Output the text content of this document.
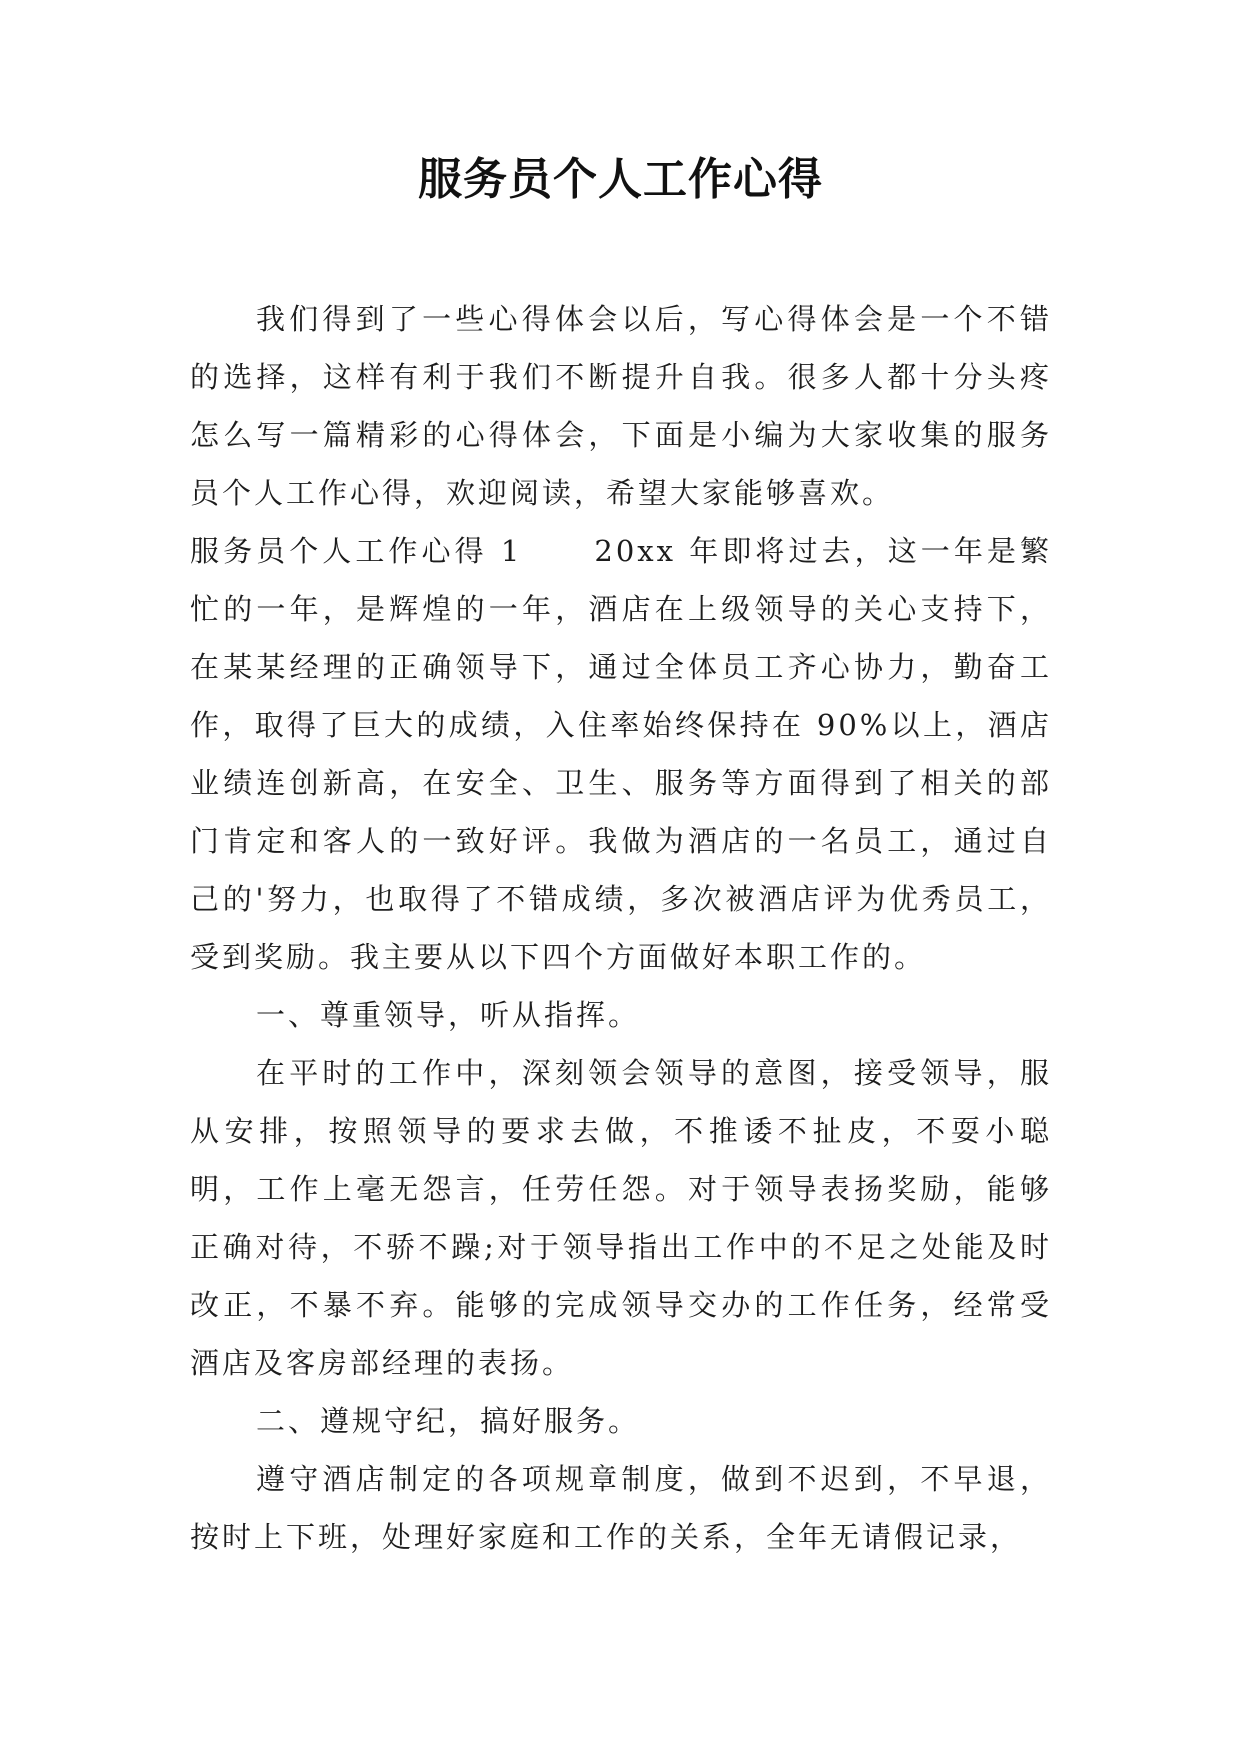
服务员个人工作心得

我们得到了一些心得体会以后，写心得体会是一个不错的选择，这样有利于我们不断提升自我。很多人都十分头疼怎么写一篇精彩的心得体会，下面是小编为大家收集的服务员个人工作心得，欢迎阅读，希望大家能够喜欢。

服务员个人工作心得 1 20xx 年即将过去，这一年是繁忙的一年，是辉煌的一年，酒店在上级领导的关心支持下，在某某经理的正确领导下，通过全体员工齐心协力，勤奋工作，取得了巨大的成绩，入住率始终保持在 90%以上，酒店业绩连创新高，在安全、卫生、服务等方面得到了相关的部门肯定和客人的一致好评。我做为酒店的一名员工，通过自己的'努力，也取得了不错成绩，多次被酒店评为优秀员工，受到奖励。我主要从以下四个方面做好本职工作的。

一、尊重领导，听从指挥。

在平时的工作中，深刻领会领导的意图，接受领导，服从安排，按照领导的要求去做，不推诿不扯皮，不耍小聪明，工作上毫无怨言，任劳任怨。对于领导表扬奖励，能够正确对待，不骄不躁;对于领导指出工作中的不足之处能及时改正，不暴不弃。能够的完成领导交办的工作任务，经常受酒店及客房部经理的表扬。

二、遵规守纪，搞好服务。

遵守酒店制定的各项规章制度，做到不迟到，不早退，按时上下班，处理好家庭和工作的关系，全年无请假记录，
